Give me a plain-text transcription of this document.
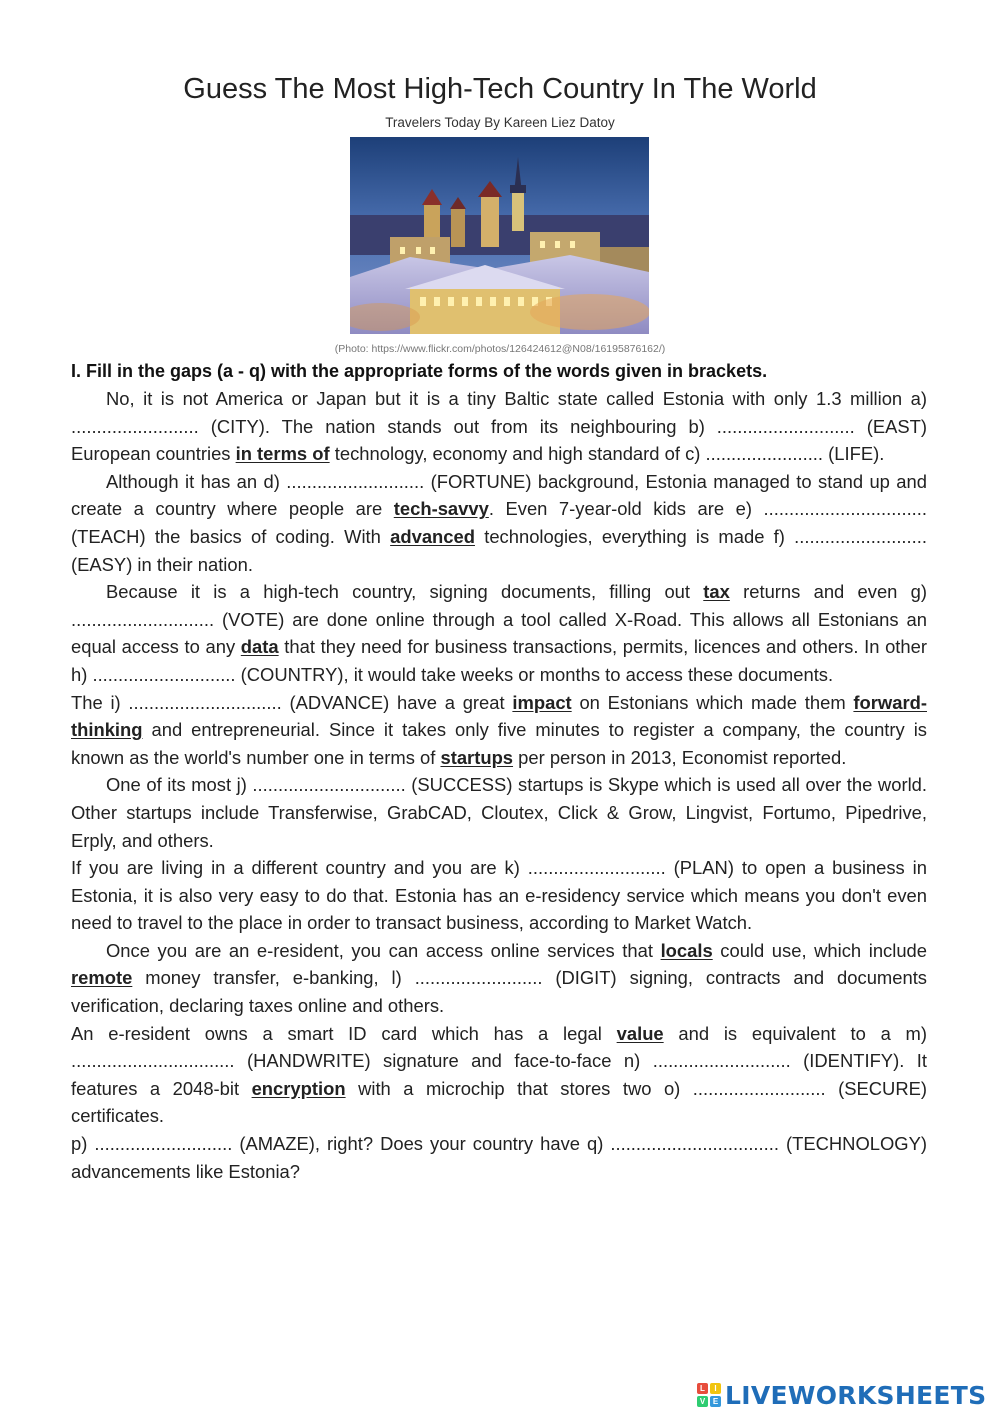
Guess The Most High-Tech Country In The World
Travelers Today By Kareen Liez Datoy
(Photo: https://www.flickr.com/photos/126424612@N08/16195876162/)
I. Fill in the gaps (a - q) with the appropriate forms of the words given in brackets.

No, it is not America or Japan but it is a tiny Baltic state called Estonia with only 1.3 million a) ......................... (CITY). The nation stands out from its neighbouring b) ........................... (EAST) European countries in terms of technology, economy and high standard of c) ....................... (LIFE).

Although it has an d) ........................... (FORTUNE) background, Estonia managed to stand up and create a country where people are tech-savvy. Even 7-year-old kids are e) ................................ (TEACH) the basics of coding. With advanced technologies, everything is made f) .......................... (EASY) in their nation.

Because it is a high-tech country, signing documents, filling out tax returns and even g) ............................ (VOTE) are done online through a tool called X-Road. This allows all Estonians an equal access to any data that they need for business transactions, permits, licences and others. In other h) ............................ (COUNTRY), it would take weeks or months to access these documents.

The i) .............................. (ADVANCE) have a great impact on Estonians which made them forward-thinking and entrepreneurial. Since it takes only five minutes to register a company, the country is known as the world's number one in terms of startups per person in 2013, Economist reported.

One of its most j) .............................. (SUCCESS) startups is Skype which is used all over the world. Other startups include Transferwise, GrabCAD, Cloutex, Click & Grow, Lingvist, Fortumo, Pipedrive, Erply, and others.

If you are living in a different country and you are k) ........................... (PLAN) to open a business in Estonia, it is also very easy to do that. Estonia has an e-residency service which means you don't even need to travel to the place in order to transact business, according to Market Watch.

Once you are an e-resident, you can access online services that locals could use, which include remote money transfer, e-banking, l) ......................... (DIGIT) signing, contracts and documents verification, declaring taxes online and others.

An e-resident owns a smart ID card which has a legal value and is equivalent to a m) ................................ (HANDWRITE) signature and face-to-face n) ........................... (IDENTIFY). It features a 2048-bit encryption with a microchip that stores two o) .......................... (SECURE) certificates.

p) ........................... (AMAZE), right? Does your country have q) ................................. (TECHNOLOGY) advancements like Estonia?

L	I
V E LIVEWORKSHEETS
